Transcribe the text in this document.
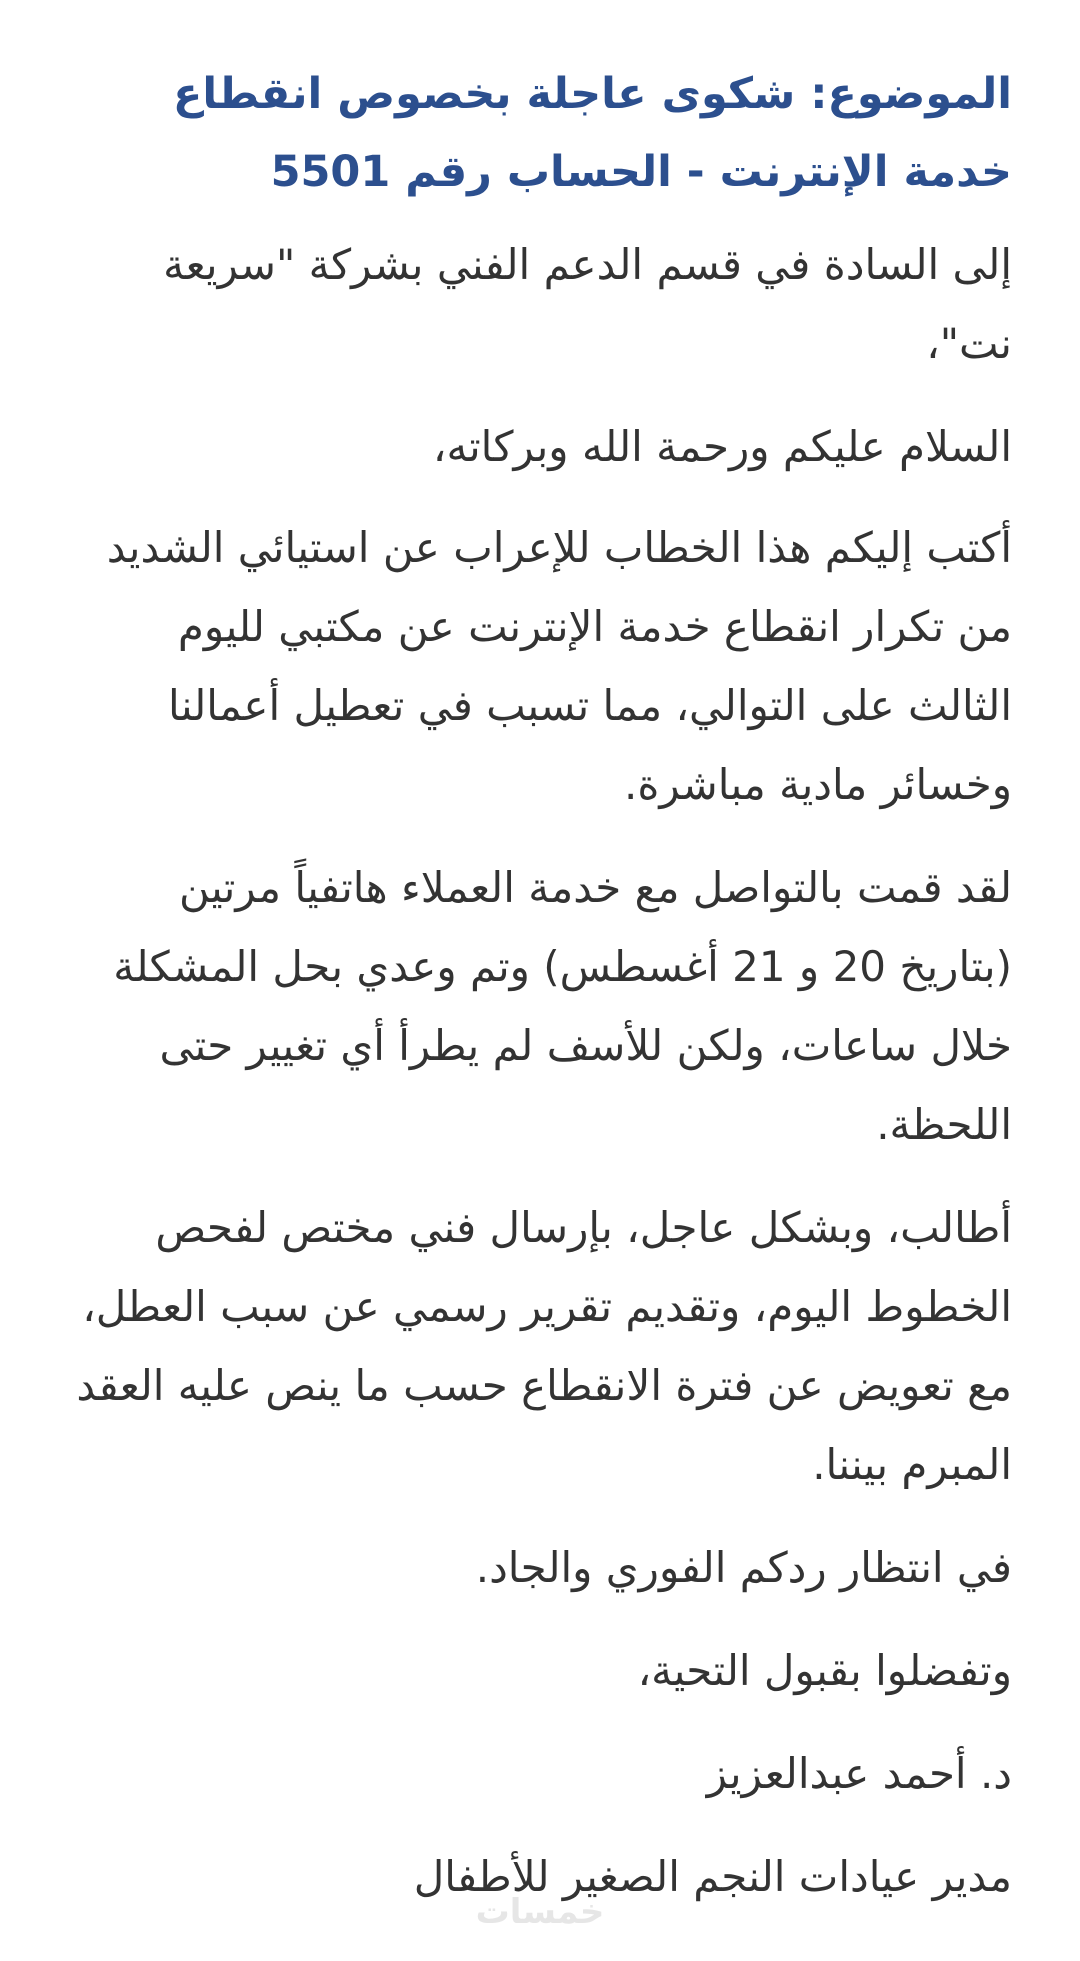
الموضوع: شكوى عاجلة بخصوص انقطاع خدمة الإنترنت - الحساب رقم 5501
إلى السادة في قسم الدعم الفني بشركة "سريعة نت"،
السلام عليكم ورحمة الله وبركاته،
أكتب إليكم هذا الخطاب للإعراب عن استيائي الشديد من تكرار انقطاع خدمة الإنترنت عن مكتبي لليوم الثالث على التوالي، مما تسبب في تعطيل أعمالنا وخسائر مادية مباشرة.
لقد قمت بالتواصل مع خدمة العملاء هاتفياً مرتين (بتاريخ 20 و 21 أغسطس) وتم وعدي بحل المشكلة خلال ساعات، ولكن للأسف لم يطرأ أي تغيير حتى اللحظة.
أطالب، وبشكل عاجل، بإرسال فني مختص لفحص الخطوط اليوم، وتقديم تقرير رسمي عن سبب العطل، مع تعويض عن فترة الانقطاع حسب ما ينص عليه العقد المبرم بيننا.
في انتظار ردكم الفوري والجاد.
وتفضلوا بقبول التحية،
د. أحمد عبدالعزيز
مدير عيادات النجم الصغير للأطفال
خمسات
